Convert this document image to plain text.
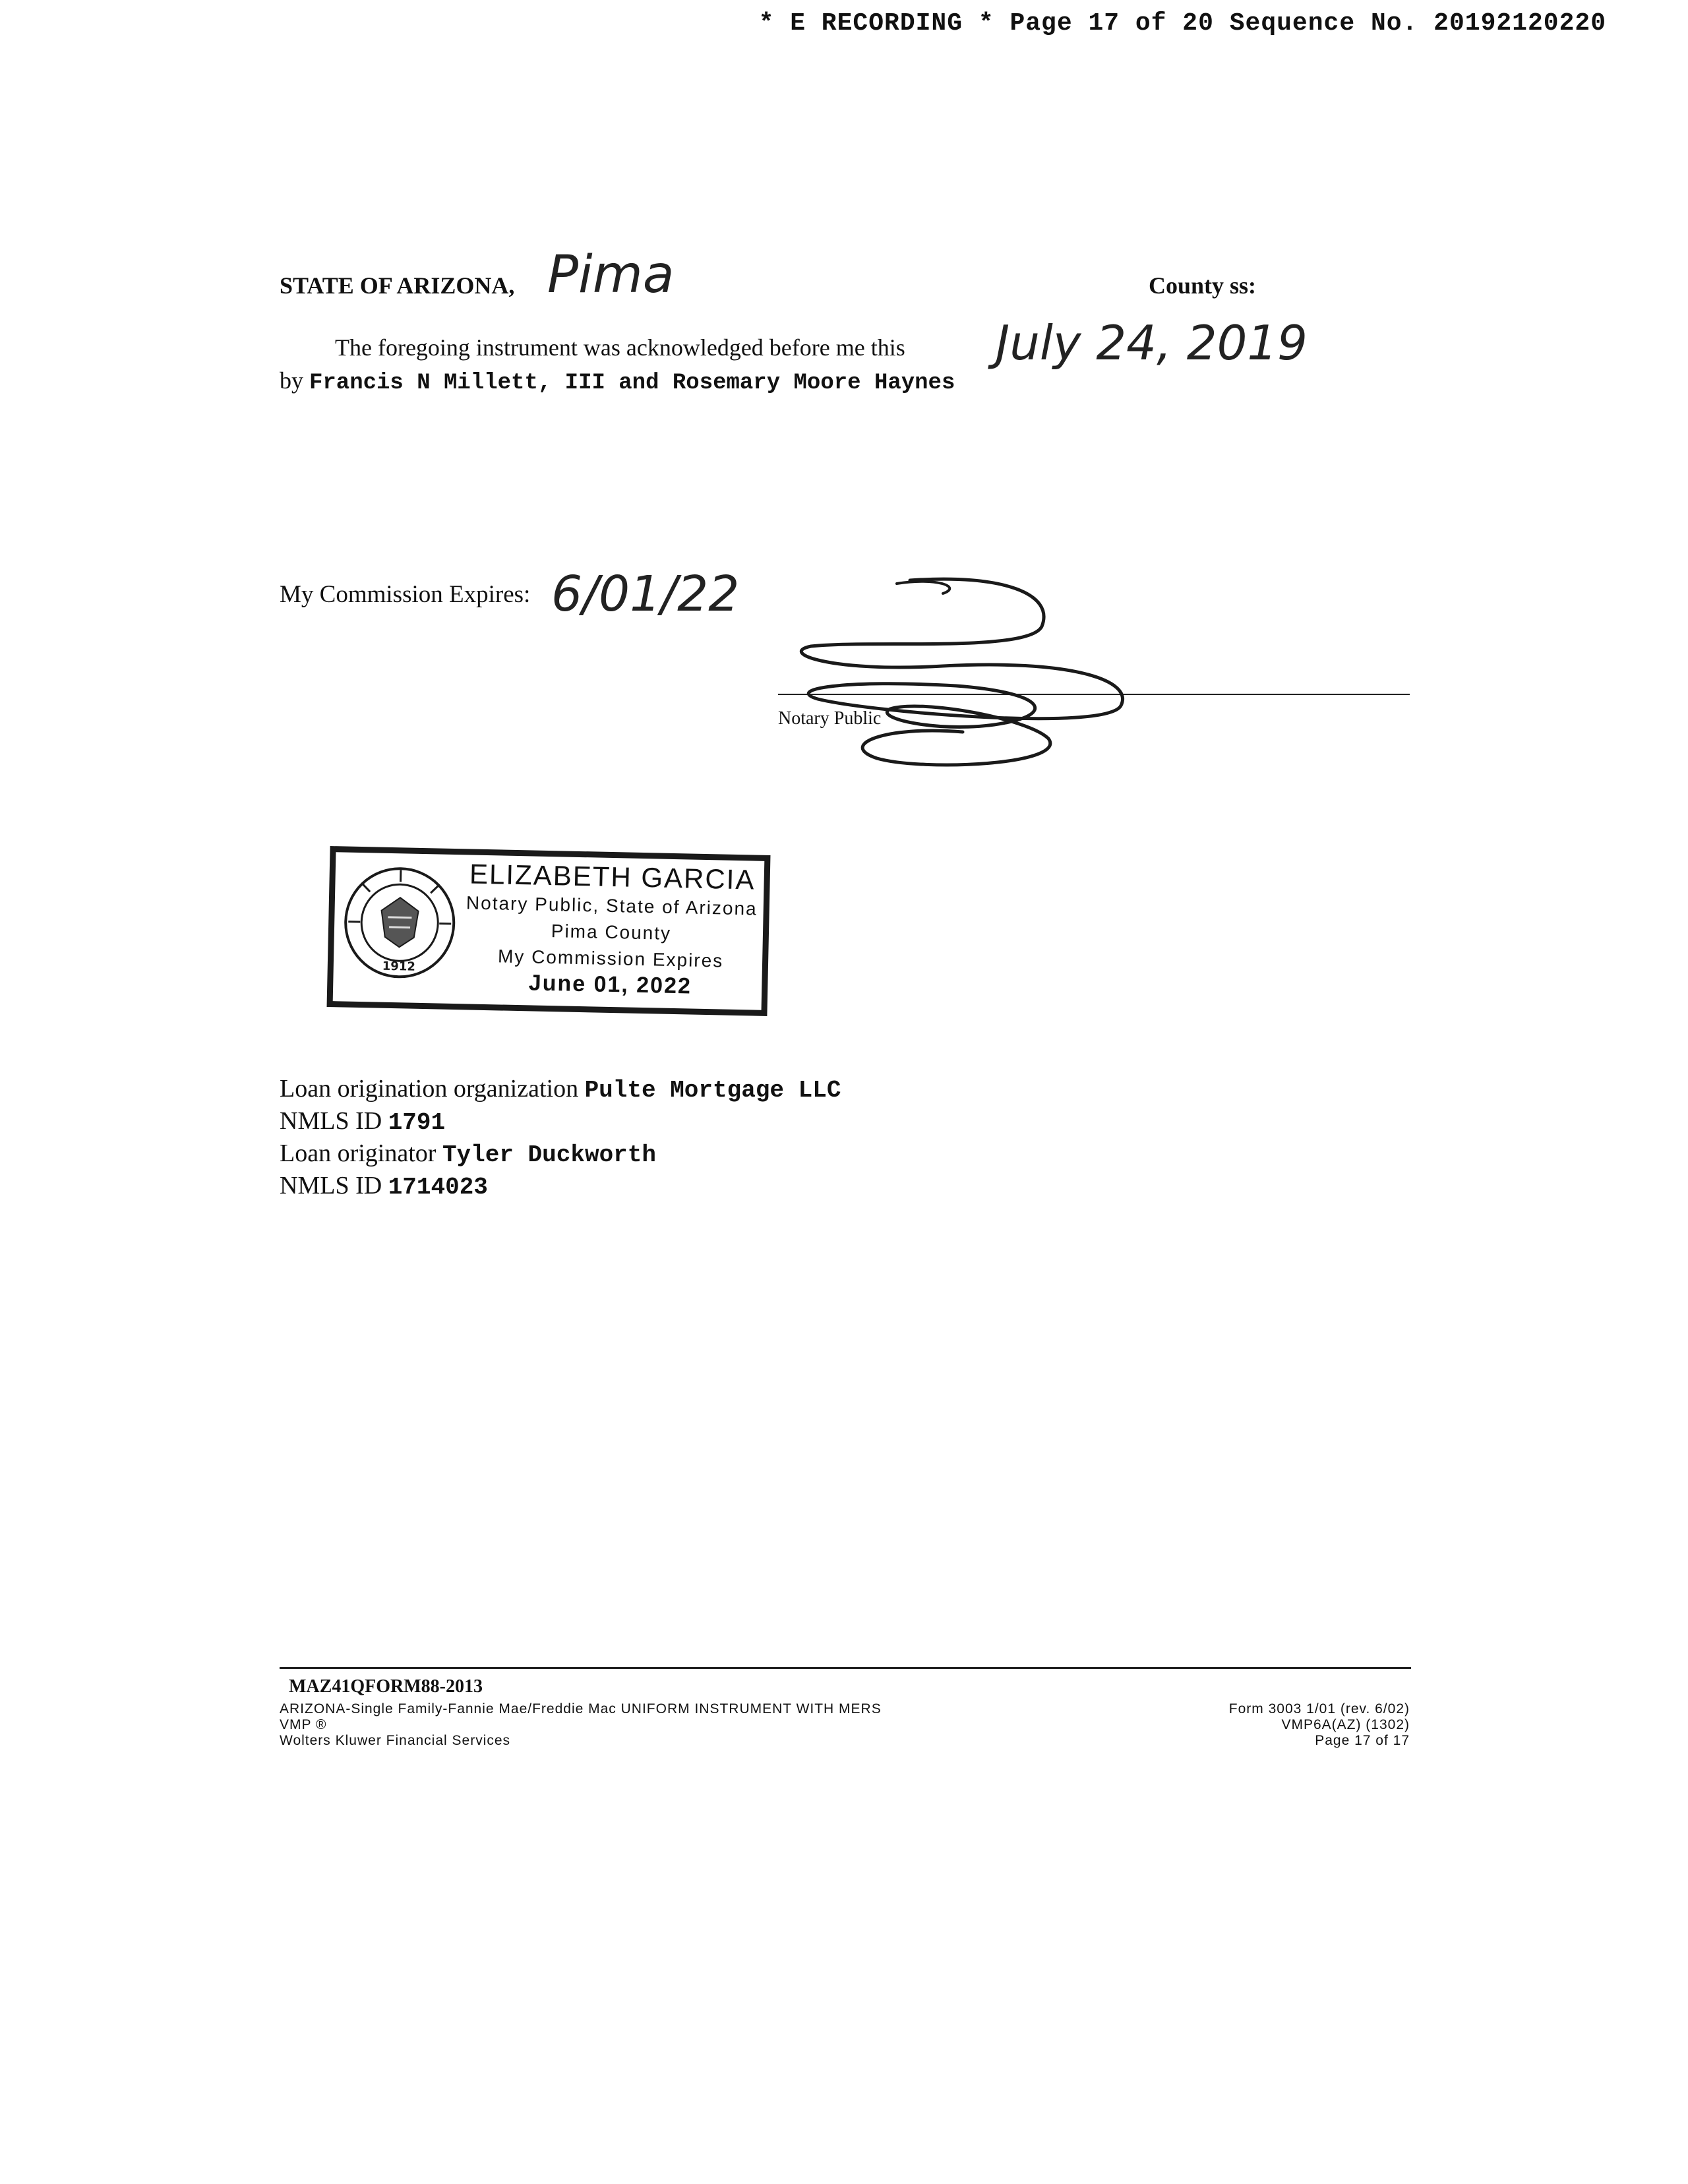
* E RECORDING * Page 17 of 20 Sequence No. 20192120220
STATE OF ARIZONA, Pima	County ss:
The foregoing instrument was acknowledged before me this July 24, 2019
by Francis N Millett, III and Rosemary Moore Haynes
My Commission Expires: 6/01/22
Notary Public
1912
ELIZABETH GARCIA
Notary Public, State of Arizona
Pima County
My Commission Expires
June 01, 2022
Loan origination organization Pulte Mortgage LLC
NMLS ID 1791
Loan originator Tyler Duckworth
NMLS ID 1714023
MAZ41QFORM88-2013
ARIZONA-Single Family-Fannie Mae/Freddie Mac UNIFORM INSTRUMENT WITH MERS
VMP ®
Wolters Kluwer Financial Services
Form 3003 1/01 (rev. 6/02)
VMP6A(AZ) (1302)
Page 17 of 17
